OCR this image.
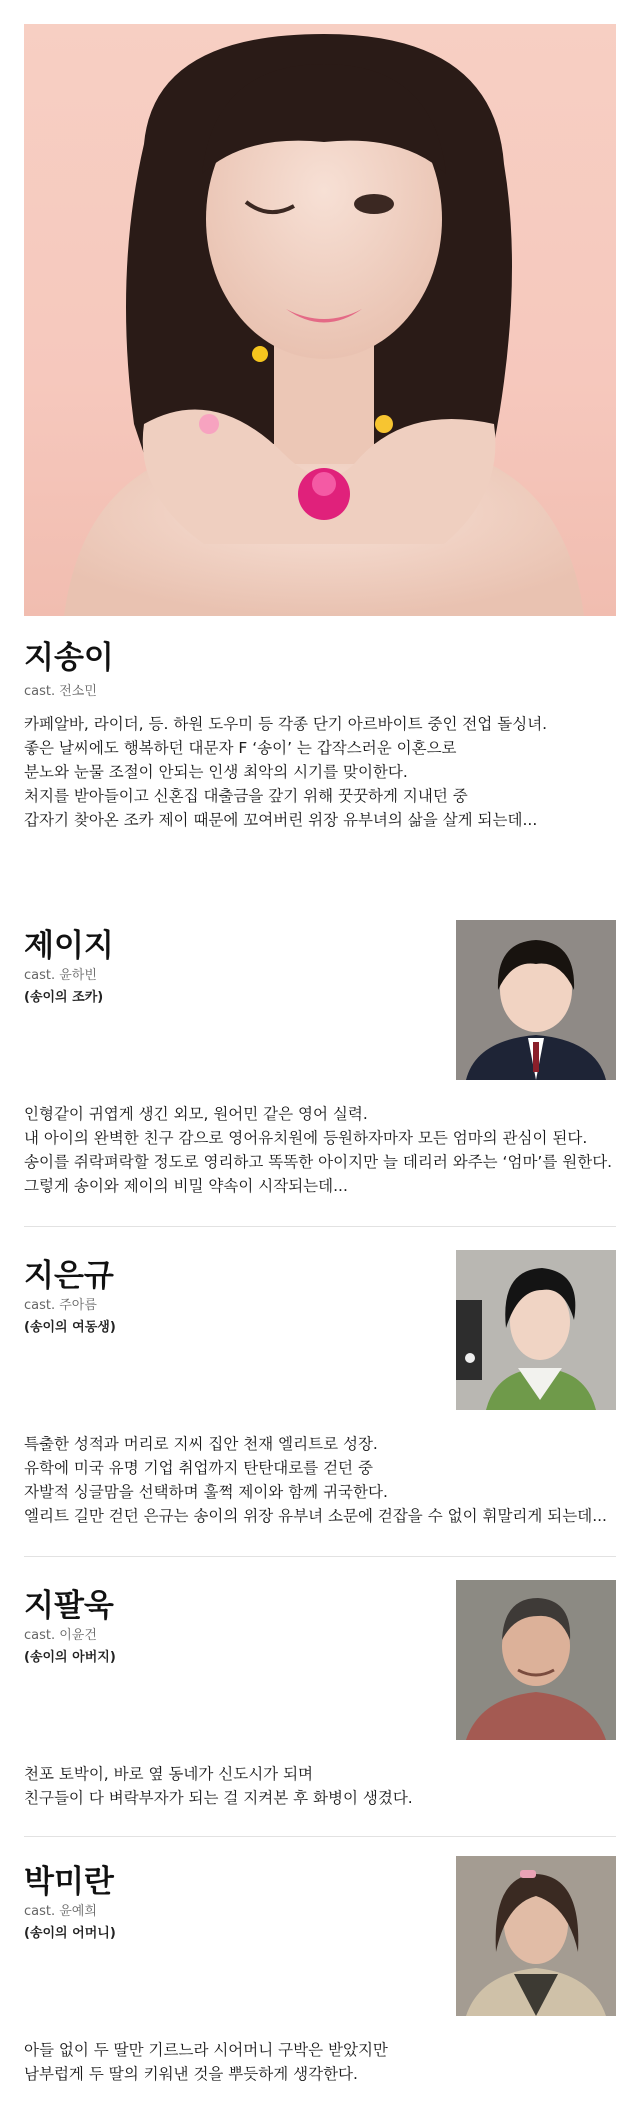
지송이
cast. 전소민
카페알바, 라이더, 등. 하원 도우미 등 각종 단기 아르바이트 중인 전업 돌싱녀.
좋은 날씨에도 행복하던 대문자 F ‘송이’ 는 갑작스러운 이혼으로
분노와 눈물 조절이 안되는 인생 최악의 시기를 맞이한다.
처지를 받아들이고 신혼집 대출금을 갚기 위해 꿋꿋하게 지내던 중
갑자기 찾아온 조카 제이 때문에 꼬여버린 위장 유부녀의 삶을 살게 되는데...
제이지
cast. 윤하빈
(송이의 조카)
인형같이 귀엽게 생긴 외모, 원어민 같은 영어 실력.
내 아이의 완벽한 친구 감으로 영어유치원에 등원하자마자 모든 엄마의 관심이 된다.
송이를 쥐락펴락할 정도로 영리하고 똑똑한 아이지만 늘 데리러 와주는 ‘엄마’를 원한다.
그렇게 송이와 제이의 비밀 약속이 시작되는데...
지은규
cast. 주아름
(송이의 여동생)
특출한 성적과 머리로 지씨 집안 천재 엘리트로 성장.
유학에 미국 유명 기업 취업까지 탄탄대로를 걷던 중
자발적 싱글맘을 선택하며 훌쩍 제이와 함께 귀국한다.
엘리트 길만 걷던 은규는 송이의 위장 유부녀 소문에 걷잡을 수 없이 휘말리게 되는데...
지팔욱
cast. 이윤건
(송이의 아버지)
천포 토박이, 바로 옆 동네가 신도시가 되며
친구들이 다 벼락부자가 되는 걸 지켜본 후 화병이 생겼다.
박미란
cast. 윤예희
(송이의 어머니)
아들 없이 두 딸만 기르느라 시어머니 구박은 받았지만
남부럽게 두 딸의 키워낸 것을 뿌듯하게 생각한다.
